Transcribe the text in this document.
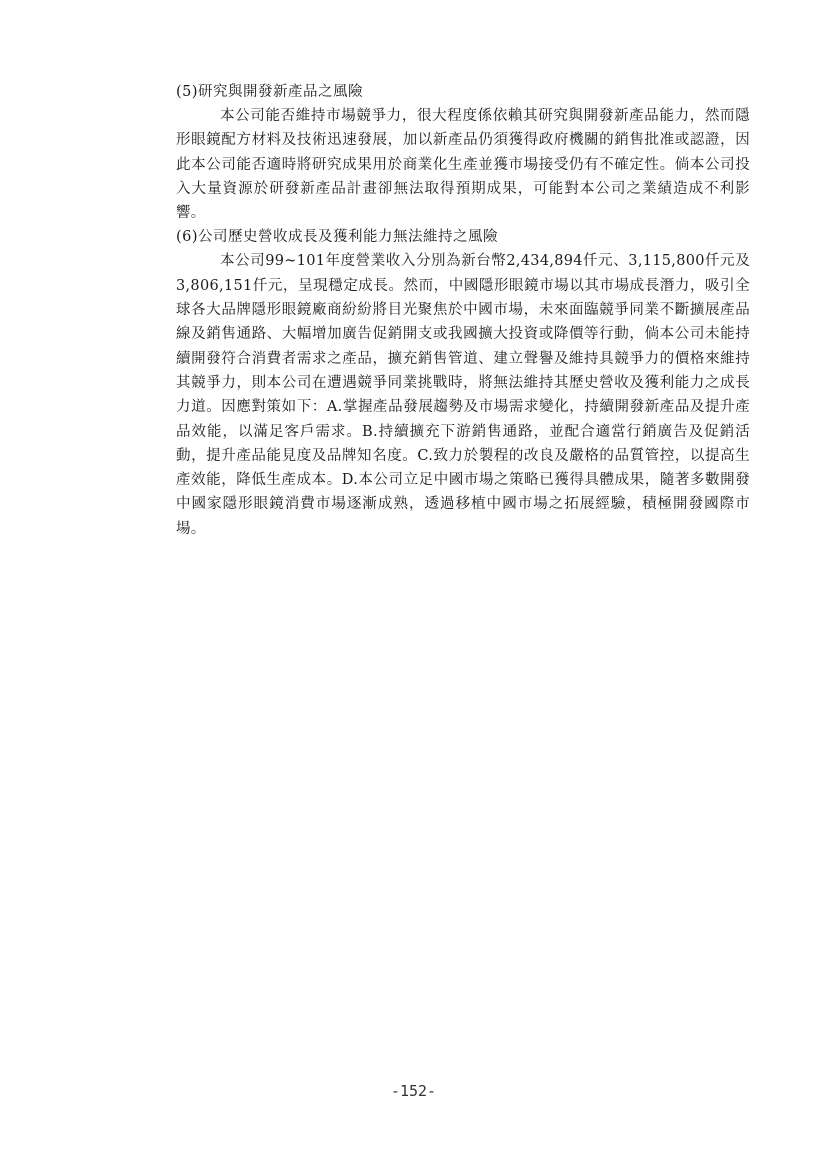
(5)研究與開發新產品之風險

本公司能否維持市場競爭力，很大程度係依賴其研究與開發新產品能力，然而隱形眼鏡配方材料及技術迅速發展，加以新產品仍須獲得政府機關的銷售批准或認證，因此本公司能否適時將研究成果用於商業化生產並獲市場接受仍有不確定性。倘本公司投入大量資源於研發新產品計畫卻無法取得預期成果，可能對本公司之業績造成不利影響。

(6)公司歷史營收成長及獲利能力無法維持之風險

本公司99~101年度營業收入分別為新台幣2,434,894仟元、3,115,800仟元及3,806,151仟元，呈現穩定成長。然而，中國隱形眼鏡市場以其市場成長潛力，吸引全球各大品牌隱形眼鏡廠商紛紛將目光聚焦於中國市場，未來面臨競爭同業不斷擴展產品線及銷售通路、大幅增加廣告促銷開支或我國擴大投資或降價等行動，倘本公司未能持續開發符合消費者需求之產品，擴充銷售管道、建立聲譽及維持具競爭力的價格來維持其競爭力，則本公司在遭遇競爭同業挑戰時，將無法維持其歷史營收及獲利能力之成長力道。因應對策如下：A.掌握產品發展趨勢及市場需求變化，持續開發新產品及提升產品效能，以滿足客戶需求。B.持續擴充下游銷售通路，並配合適當行銷廣告及促銷活動，提升產品能見度及品牌知名度。C.致力於製程的改良及嚴格的品質管控，以提高生產效能，降低生產成本。D.本公司立足中國市場之策略已獲得具體成果，隨著多數開發中國家隱形眼鏡消費市場逐漸成熟，透過移植中國市場之拓展經驗，積極開發國際市場。

-152-
